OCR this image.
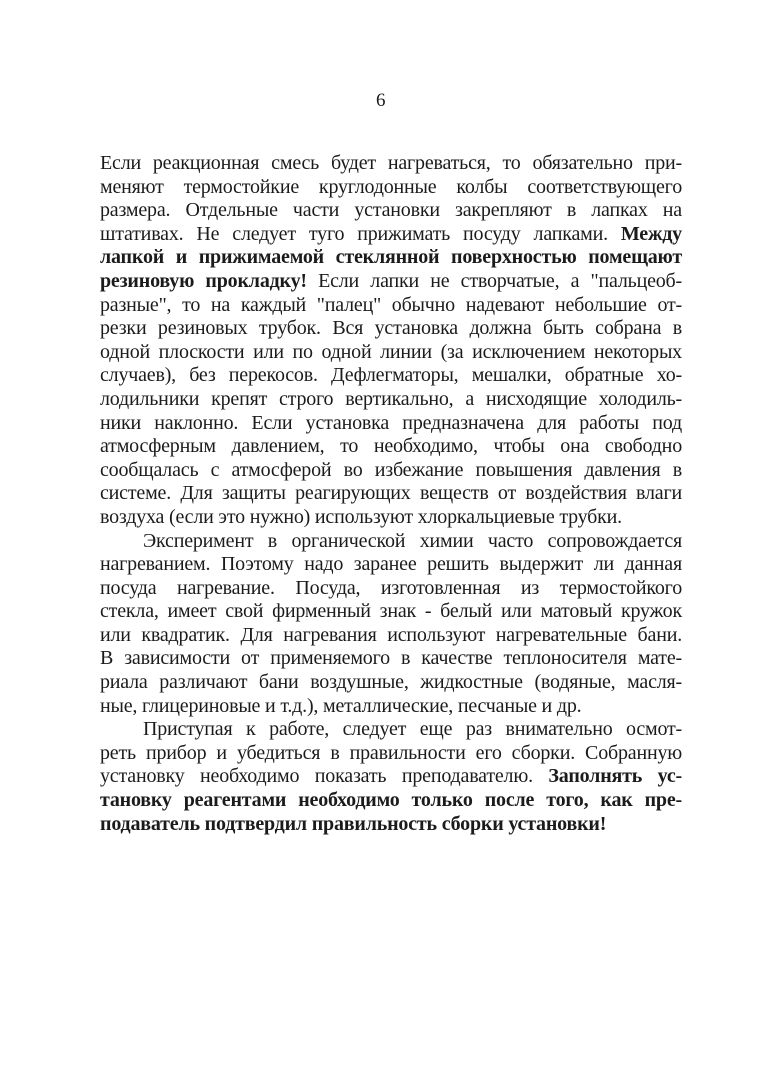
6
Если реакционная смесь будет нагреваться, то обязательно при-
меняют термостойкие круглодонные колбы соответствующего
размера. Отдельные части установки закрепляют в лапках на
штативах. Не следует туго прижимать посуду лапками. Между
лапкой и прижимаемой стеклянной поверхностью помещают
резиновую прокладку! Если лапки не створчатые, а "пальцеоб-
разные", то на каждый "палец" обычно надевают небольшие от-
резки резиновых трубок. Вся установка должна быть собрана в
одной плоскости или по одной линии (за исключением некоторых
случаев), без перекосов. Дефлегматоры, мешалки, обратные хо-
лодильники крепят строго вертикально, а нисходящие холодиль-
ники наклонно. Если установка предназначена для работы под
атмосферным давлением, то необходимо, чтобы она свободно
сообщалась с атмосферой во избежание повышения давления в
системе. Для защиты реагирующих веществ от воздействия влаги
воздуха (если это нужно) используют хлоркальциевые трубки.
Эксперимент в органической химии часто сопровождается
нагреванием. Поэтому надо заранее решить выдержит ли данная
посуда нагревание. Посуда, изготовленная из термостойкого
стекла, имеет свой фирменный знак - белый или матовый кружок
или квадратик. Для нагревания используют нагревательные бани.
В зависимости от применяемого в качестве теплоносителя мате-
риала различают бани воздушные, жидкостные (водяные, масля-
ные, глицериновые и т.д.), металлические, песчаные и др.
Приступая к работе, следует еще раз внимательно осмот-
реть прибор и убедиться в правильности его сборки. Собранную
установку необходимо показать преподавателю. Заполнять ус-
тановку реагентами необходимо только после того, как пре-
подаватель подтвердил правильность сборки установки!
